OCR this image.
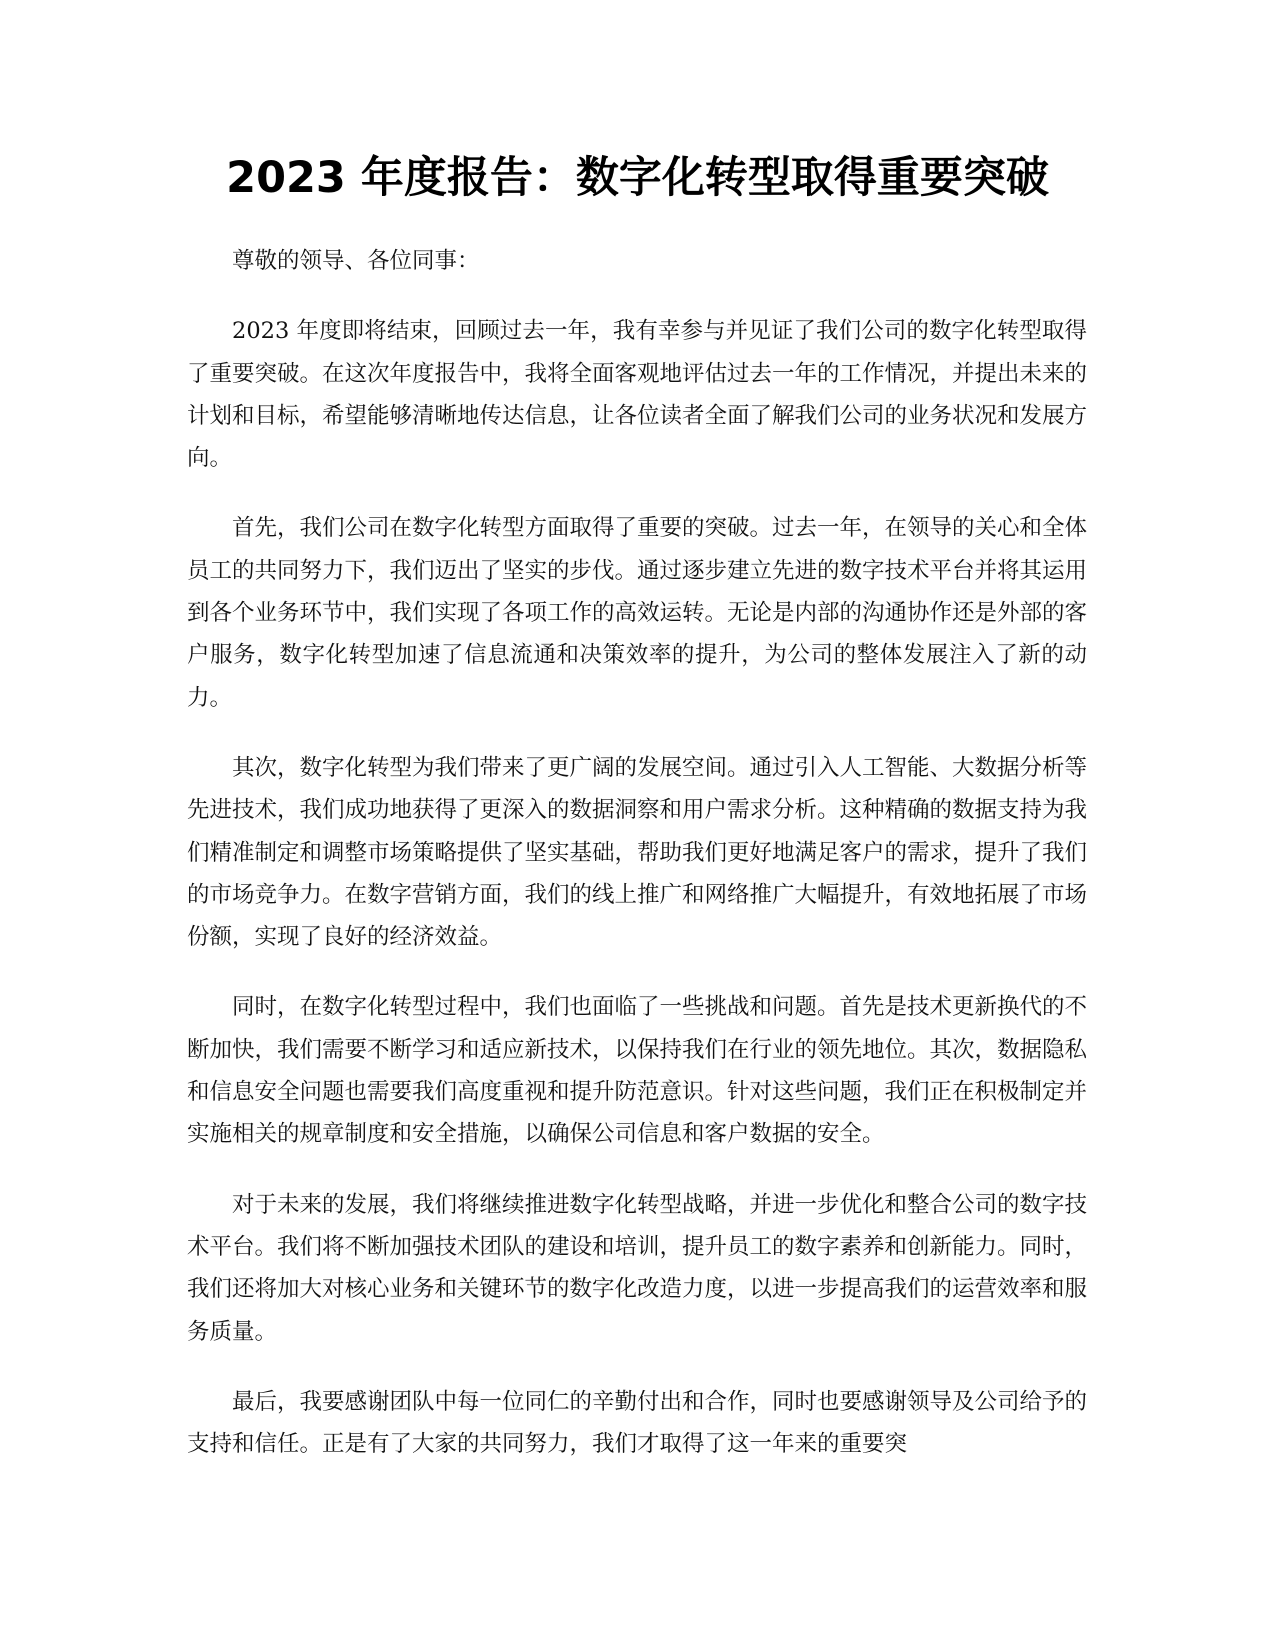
2023 年度报告：数字化转型取得重要突破

尊敬的领导、各位同事：

2023 年度即将结束，回顾过去一年，我有幸参与并见证了我们公司的数字化转型取得了重要突破。在这次年度报告中，我将全面客观地评估过去一年的工作情况，并提出未来的计划和目标，希望能够清晰地传达信息，让各位读者全面了解我们公司的业务状况和发展方向。

首先，我们公司在数字化转型方面取得了重要的突破。过去一年，在领导的关心和全体员工的共同努力下，我们迈出了坚实的步伐。通过逐步建立先进的数字技术平台并将其运用到各个业务环节中，我们实现了各项工作的高效运转。无论是内部的沟通协作还是外部的客户服务，数字化转型加速了信息流通和决策效率的提升，为公司的整体发展注入了新的动力。

其次，数字化转型为我们带来了更广阔的发展空间。通过引入人工智能、大数据分析等先进技术，我们成功地获得了更深入的数据洞察和用户需求分析。这种精确的数据支持为我们精准制定和调整市场策略提供了坚实基础，帮助我们更好地满足客户的需求，提升了我们的市场竞争力。在数字营销方面，我们的线上推广和网络推广大幅提升，有效地拓展了市场份额，实现了良好的经济效益。

同时，在数字化转型过程中，我们也面临了一些挑战和问题。首先是技术更新换代的不断加快，我们需要不断学习和适应新技术，以保持我们在行业的领先地位。其次，数据隐私和信息安全问题也需要我们高度重视和提升防范意识。针对这些问题，我们正在积极制定并实施相关的规章制度和安全措施，以确保公司信息和客户数据的安全。

对于未来的发展，我们将继续推进数字化转型战略，并进一步优化和整合公司的数字技术平台。我们将不断加强技术团队的建设和培训，提升员工的数字素养和创新能力。同时，我们还将加大对核心业务和关键环节的数字化改造力度，以进一步提高我们的运营效率和服务质量。

最后，我要感谢团队中每一位同仁的辛勤付出和合作，同时也要感谢领导及公司给予的支持和信任。正是有了大家的共同努力，我们才取得了这一年来的重要突
